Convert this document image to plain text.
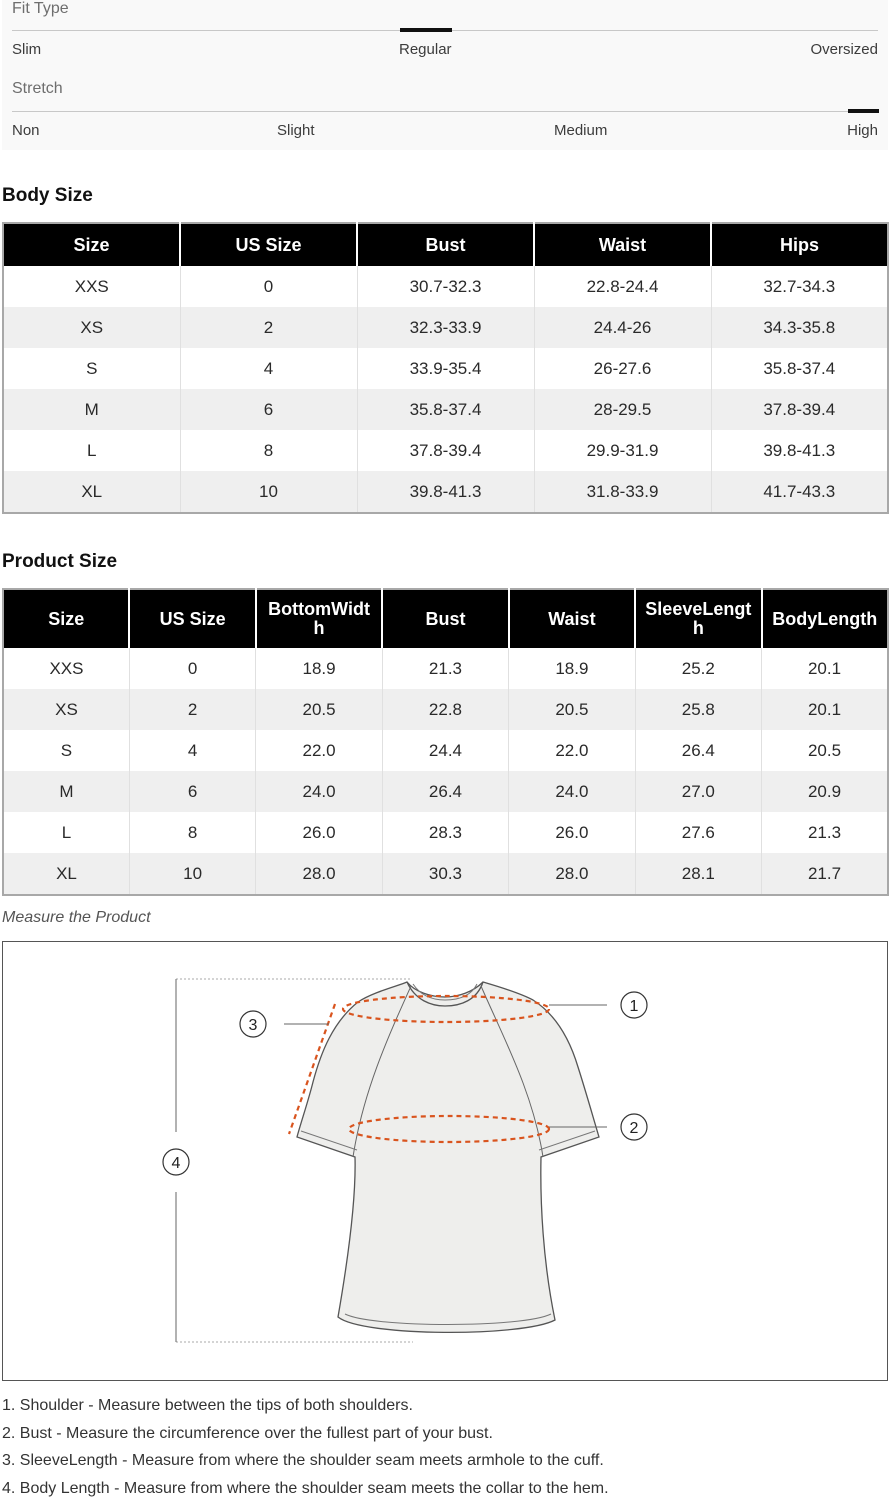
Fit Type
Slim	Regular	Oversized
Stretch
Non	Slight	Medium	High
Body Size
Size	US Size	Bust	Waist	Hips
XXS	0	30.7-32.3	22.8-24.4	32.7-34.3
XS	2	32.3-33.9	24.4-26	34.3-35.8
S	4	33.9-35.4	26-27.6	35.8-37.4
M	6	35.8-37.4	28-29.5	37.8-39.4
L	8	37.8-39.4	29.9-31.9	39.8-41.3
XL	10	39.8-41.3	31.8-33.9	41.7-43.3
Product Size
Size	US Size	BottomWidth	Bust	Waist	SleeveLength	BodyLength
XXS	0	18.9	21.3	18.9	25.2	20.1
XS	2	20.5	22.8	20.5	25.8	20.1
S	4	22.0	24.4	22.0	26.4	20.5
M	6	24.0	26.4	24.0	27.0	20.9
L	8	26.0	28.3	26.0	27.6	21.3
XL	10	28.0	30.3	28.0	28.1	21.7
Measure the Product
1
2
3
4
1. Shoulder - Measure between the tips of both shoulders.
2. Bust - Measure the circumference over the fullest part of your bust.
3. SleeveLength - Measure from where the shoulder seam meets armhole to the cuff.
4. Body Length - Measure from where the shoulder seam meets the collar to the hem.
